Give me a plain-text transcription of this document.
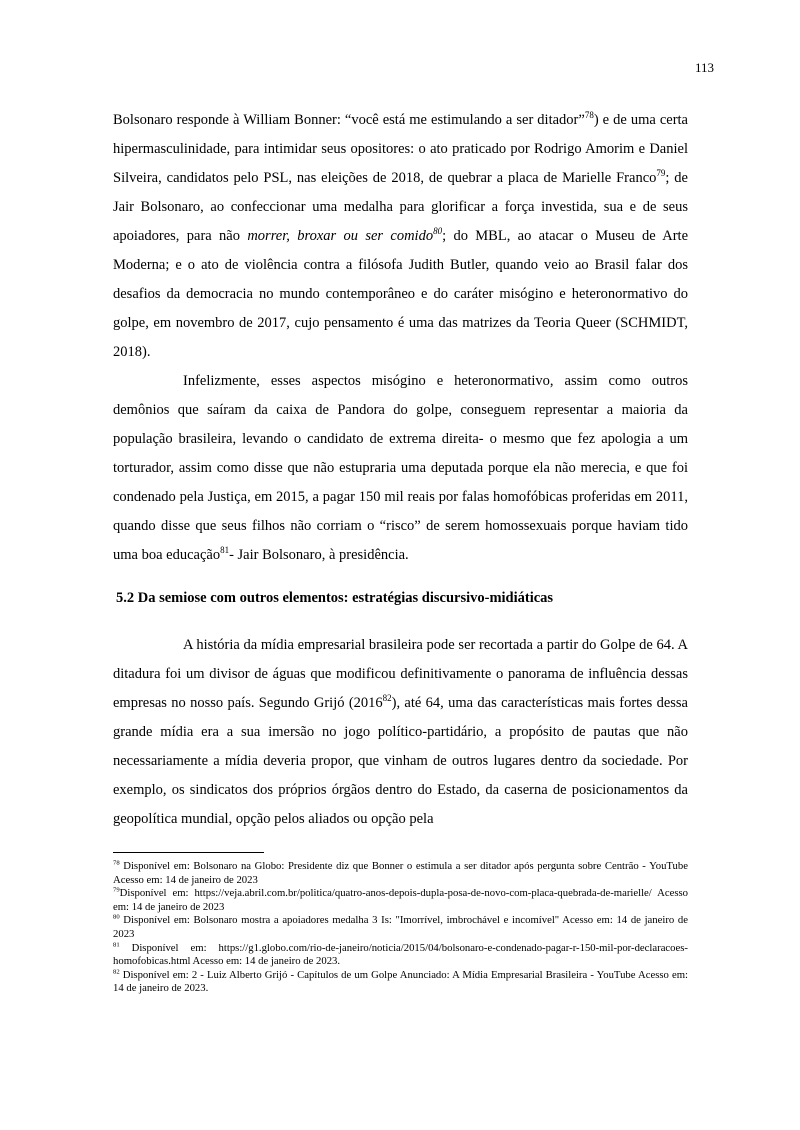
113

Bolsonaro responde à William Bonner: “você está me estimulando a ser ditador”$^{78}$) e de uma certa hipermasculinidade, para intimidar seus opositores: o ato praticado por Rodrigo Amorim e Daniel Silveira, candidatos pelo PSL, nas eleições de 2018, de quebrar a placa de Marielle Franco$^{79}$; de Jair Bolsonaro, ao confeccionar uma medalha para glorificar a força investida, sua e de seus apoiadores, para não morrer, broxar ou ser comido$^{80}$; do MBL, ao atacar o Museu de Arte Moderna; e o ato de violência contra a filósofa Judith Butler, quando veio ao Brasil falar dos desafios da democracia no mundo contemporâneo e do caráter misógino e heteronormativo do golpe, em novembro de 2017, cujo pensamento é uma das matrizes da Teoria Queer (SCHMIDT, 2018).

Infelizmente, esses aspectos misógino e heteronormativo, assim como outros demônios que saíram da caixa de Pandora do golpe, conseguem representar a maioria da população brasileira, levando o candidato de extrema direita- o mesmo que fez apologia a um torturador, assim como disse que não estupraria uma deputada porque ela não merecia, e que foi condenado pela Justiça, em 2015, a pagar 150 mil reais por falas homofóbicas proferidas em 2011, quando disse que seus filhos não corriam o “risco” de serem homossexuais porque haviam tido uma boa educação$^{81}$- Jair Bolsonaro, à presidência.

5.2 Da semiose com outros elementos: estratégias discursivo-midiáticas

A história da mídia empresarial brasileira pode ser recortada a partir do Golpe de 64. A ditadura foi um divisor de águas que modificou definitivamente o panorama de influência dessas empresas no nosso país. Segundo Grijó (2016$^{82}$), até 64, uma das características mais fortes dessa grande mídia era a sua imersão no jogo político-partidário, a propósito de pautas que não necessariamente a mídia deveria propor, que vinham de outros lugares dentro da sociedade. Por exemplo, os sindicatos dos próprios órgãos dentro do Estado, da caserna de posicionamentos da geopolítica mundial, opção pelos aliados ou opção pela

$^{78}$ Disponível em: Bolsonaro na Globo: Presidente diz que Bonner o estimula a ser ditador após pergunta sobre Centrão - YouTube Acesso em: 14 de janeiro de 2023

$^{79}$Disponível em: https://veja.abril.com.br/politica/quatro-anos-depois-dupla-posa-de-novo-com-placa-quebrada-de-marielle/ Acesso em: 14 de janeiro de 2023

$^{80}$ Disponível em: Bolsonaro mostra a apoiadores medalha 3 Is: "Imorrível, imbrochável e incomível" Acesso em: 14 de janeiro de 2023

$^{81}$ Disponível em: https://g1.globo.com/rio-de-janeiro/noticia/2015/04/bolsonaro-e-condenado-pagar-r-150-mil-por-declaracoes-homofobicas.html Acesso em: 14 de janeiro de 2023.

$^{82}$ Disponível em: 2 - Luiz Alberto Grijó - Capítulos de um Golpe Anunciado: A Mídia Empresarial Brasileira - YouTube Acesso em: 14 de janeiro de 2023.
